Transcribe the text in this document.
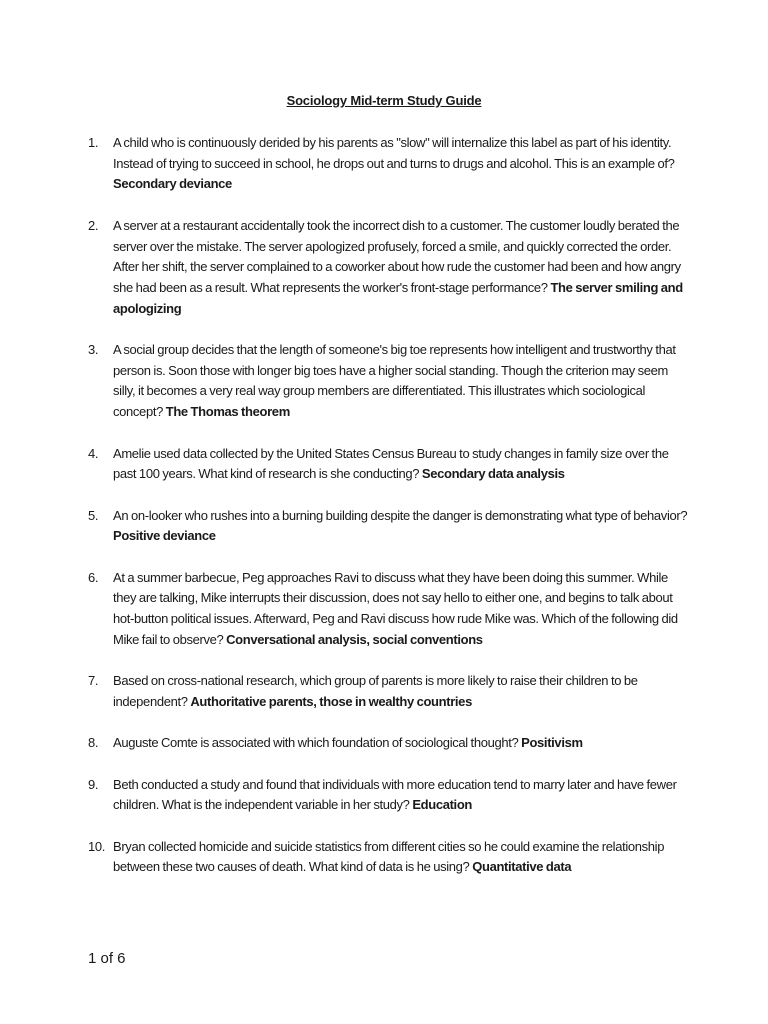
Sociology Mid-term Study Guide
1. A child who is continuously derided by his parents as "slow" will internalize this label as part of his identity. Instead of trying to succeed in school, he drops out and turns to drugs and alcohol. This is an example of? Secondary deviance
2. A server at a restaurant accidentally took the incorrect dish to a customer. The customer loudly berated the server over the mistake. The server apologized profusely, forced a smile, and quickly corrected the order. After her shift, the server complained to a coworker about how rude the customer had been and how angry she had been as a result. What represents the worker's front-stage performance? The server smiling and apologizing
3. A social group decides that the length of someone's big toe represents how intelligent and trustworthy that person is. Soon those with longer big toes have a higher social standing. Though the criterion may seem silly, it becomes a very real way group members are differentiated. This illustrates which sociological concept? The Thomas theorem
4. Amelie used data collected by the United States Census Bureau to study changes in family size over the past 100 years. What kind of research is she conducting? Secondary data analysis
5. An on-looker who rushes into a burning building despite the danger is demonstrating what type of behavior? Positive deviance
6. At a summer barbecue, Peg approaches Ravi to discuss what they have been doing this summer. While they are talking, Mike interrupts their discussion, does not say hello to either one, and begins to talk about hot-button political issues. Afterward, Peg and Ravi discuss how rude Mike was. Which of the following did Mike fail to observe? Conversational analysis, social conventions
7. Based on cross-national research, which group of parents is more likely to raise their children to be independent? Authoritative parents, those in wealthy countries
8. Auguste Comte is associated with which foundation of sociological thought? Positivism
9. Beth conducted a study and found that individuals with more education tend to marry later and have fewer children. What is the independent variable in her study? Education
10. Bryan collected homicide and suicide statistics from different cities so he could examine the relationship between these two causes of death. What kind of data is he using? Quantitative data

1 of 6
